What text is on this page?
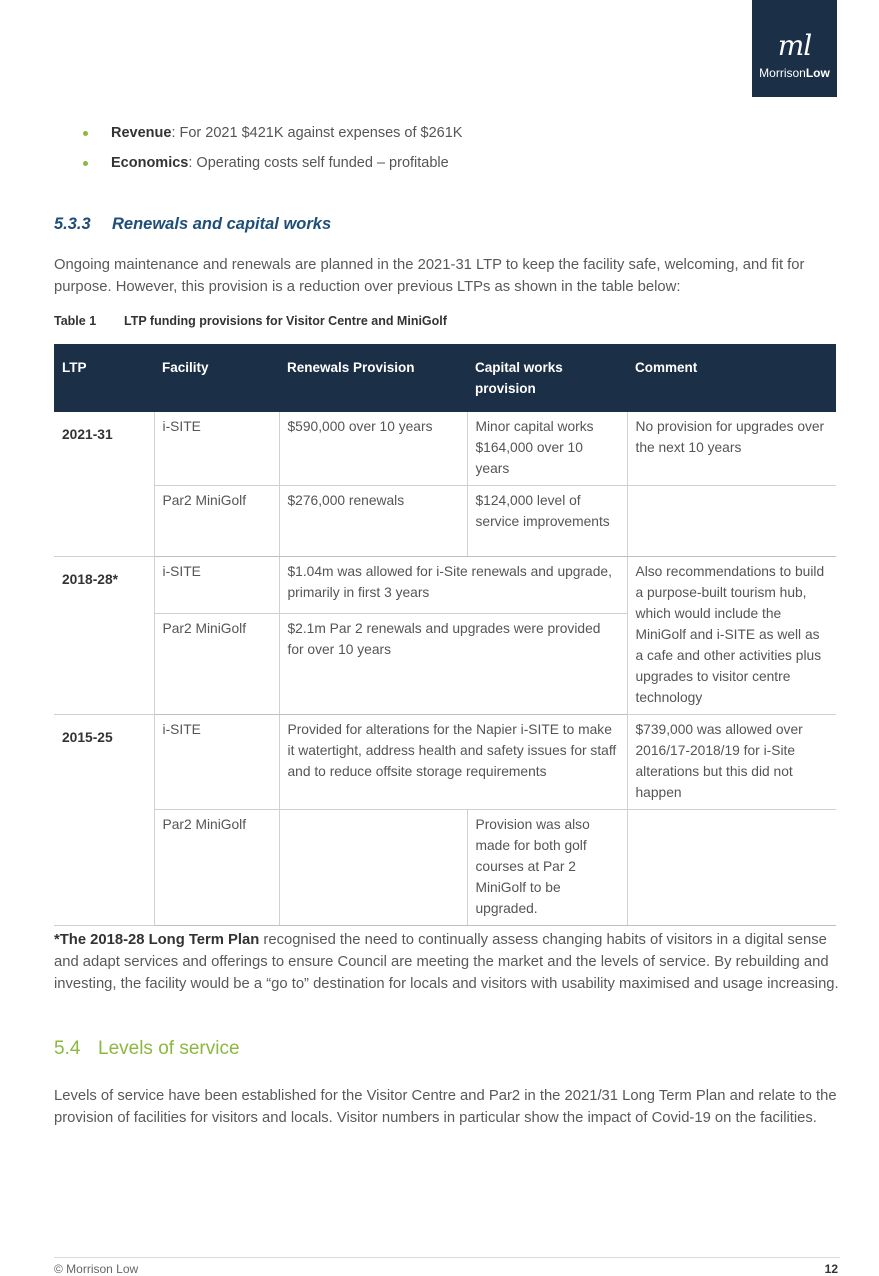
ml
MorrisonLow
Revenue: For 2021 $421K against expenses of $261K
Economics: Operating costs self funded – profitable
5.3.3 Renewals and capital works
Ongoing maintenance and renewals are planned in the 2021-31 LTP to keep the facility safe, welcoming, and fit for purpose. However, this provision is a reduction over previous LTPs as shown in the table below:
Table 1 LTP funding provisions for Visitor Centre and MiniGolf
LTP	Facility	Renewals Provision	Capital works provision	Comment
2021-31	i-SITE	$590,000 over 10 years	Minor capital works $164,000 over 10 years	No provision for upgrades over the next 10 years
	Par2 MiniGolf	$276,000 renewals	$124,000 level of service improvements	
2018-28*	i-SITE	$1.04m was allowed for i-Site renewals and upgrade, primarily in first 3 years		Also recommendations to build a purpose-built tourism hub, which would include the MiniGolf and i-SITE as well as a cafe and other activities plus upgrades to visitor centre technology
	Par2 MiniGolf	$2.1m Par 2 renewals and upgrades were provided for over 10 years		
2015-25	i-SITE	Provided for alterations for the Napier i-SITE to make it watertight, address health and safety issues for staff and to reduce offsite storage requirements		$739,000 was allowed over 2016/17-2018/19 for i-Site alterations but this did not happen
	Par2 MiniGolf		Provision was also made for both golf courses at Par 2 MiniGolf to be upgraded.	
*The 2018-28 Long Term Plan recognised the need to continually assess changing habits of visitors in a digital sense and adapt services and offerings to ensure Council are meeting the market and the levels of service. By rebuilding and investing, the facility would be a “go to” destination for locals and visitors with usability maximised and usage increasing.
5.4 Levels of service
Levels of service have been established for the Visitor Centre and Par2 in the 2021/31 Long Term Plan and relate to the provision of facilities for visitors and locals. Visitor numbers in particular show the impact of Covid-19 on the facilities.
© Morrison Low	12
